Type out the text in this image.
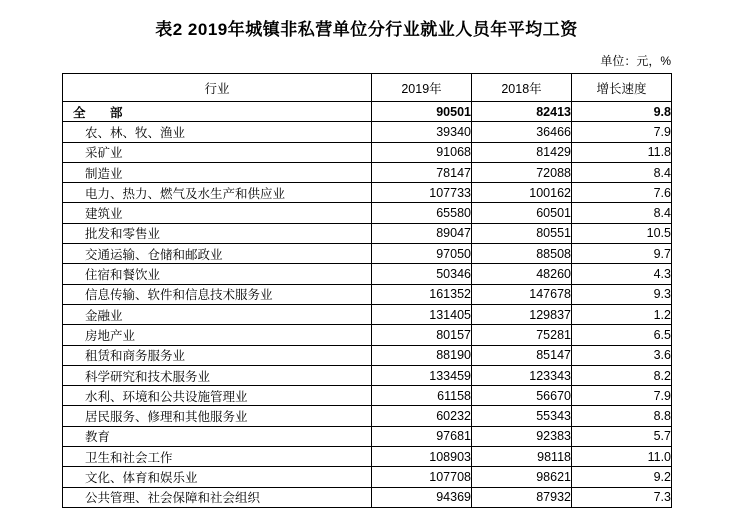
表2 2019年城镇非私营单位分行业就业人员年平均工资
单位：元，%
行业	2019年	2018年	增长速度
全　部	90501	82413	9.8
农、林、牧、渔业	39340	36466	7.9
采矿业	91068	81429	11.8
制造业	78147	72088	8.4
电力、热力、燃气及水生产和供应业	107733	100162	7.6
建筑业	65580	60501	8.4
批发和零售业	89047	80551	10.5
交通运输、仓储和邮政业	97050	88508	9.7
住宿和餐饮业	50346	48260	4.3
信息传输、软件和信息技术服务业	161352	147678	9.3
金融业	131405	129837	1.2
房地产业	80157	75281	6.5
租赁和商务服务业	88190	85147	3.6
科学研究和技术服务业	133459	123343	8.2
水利、环境和公共设施管理业	61158	56670	7.9
居民服务、修理和其他服务业	60232	55343	8.8
教育	97681	92383	5.7
卫生和社会工作	108903	98118	11.0
文化、体育和娱乐业	107708	98621	9.2
公共管理、社会保障和社会组织	94369	87932	7.3
